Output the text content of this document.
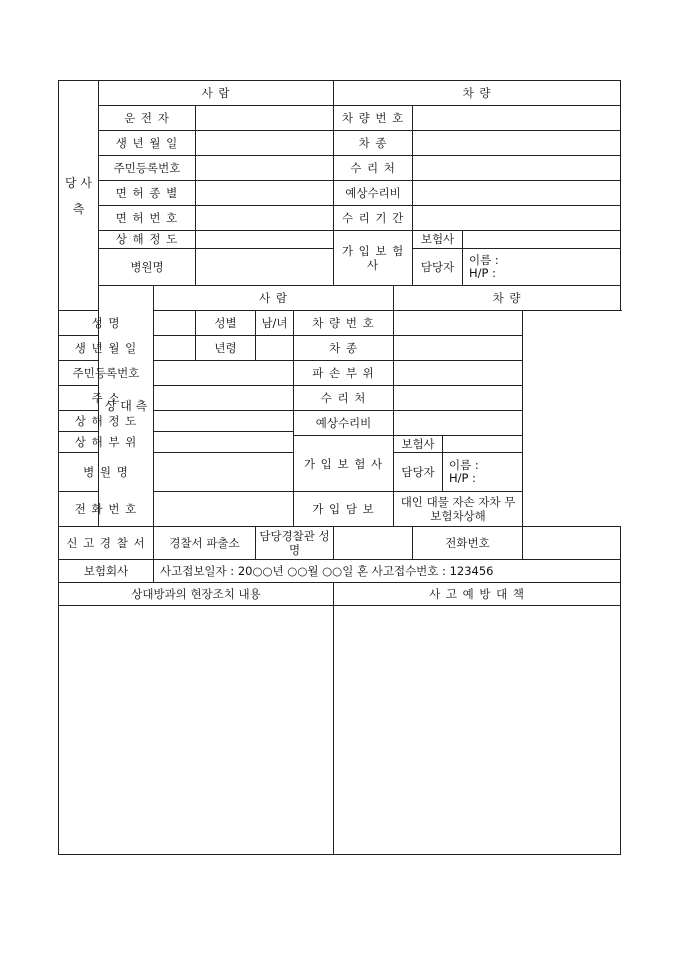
당 사 측	사 람					차 량					
	운 전 자					차 량 번 호					
	생 년 월 일					차 종					
	주민등록번호					수 리 처					
	면 허 종 별					예상수리비					
	면 허 번 호					수 리 기 간					
	상 해 정 도					가 입 보 험 사		보험사			
	병원명							담당자		이름 :
H/P :	

	상 대 측	사 람					차 량				
성 명			성별	남/녀	차 량 번 호						
생 년 월 일			년령		차 종						
주민등록번호					파 손 부 위						
주 소					수 리 처						
상 해 정 도					예상수리비						
상 해 부 위											
					가 입 보 험 사		보험사				
병 원 명							담당자		이름 :
H/P :		

전 화 번 호					가 입 담 보		대인 대물 자손 자차 무보험차상해				
신 고 경 찰 서		경찰서 파출소		담당경찰관 성 명				전화번호			
보험회사		사고접보일자 : 20○○년 ○○월 ○○일 혼 사고접수번호 : 123456									
상대방과의 현장조치 내용						사 고 예 방 대 책					
